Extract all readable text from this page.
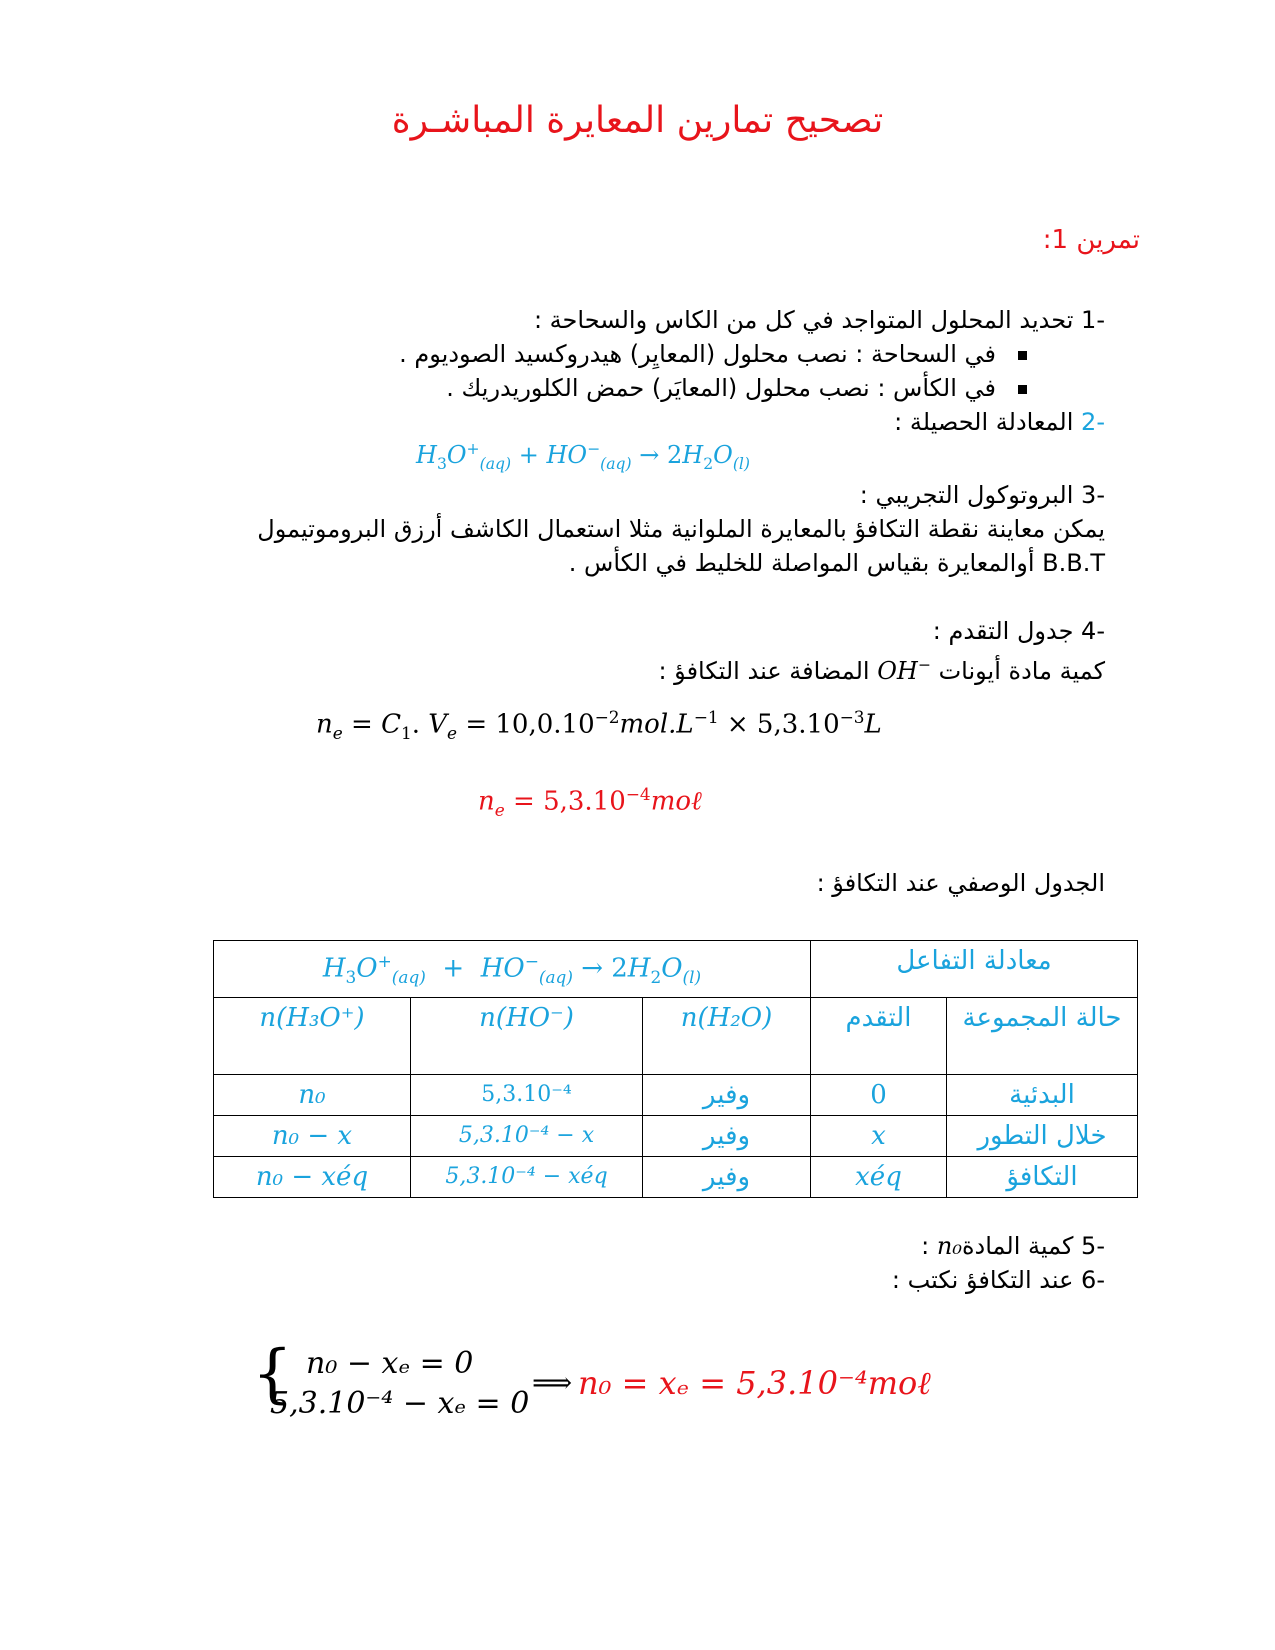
تصحيح تمارين المعايرة المباشـرة
تمرين 1:
-1 تحديد المحلول المتواجد في كل من الكاس والسحاحة :
في السحاحة : نصب محلول (المعايِر) هيدروكسيد الصوديوم .
في الكأس : نصب محلول (المعايَر) حمض الكلوريدريك .
-2 المعادلة الحصيلة :
$H_3O^+_{(aq)} + HO^-_{(aq)} \to 2H_2O_{(l)}$
-3 البروتوكول التجريبي :
يمكن معاينة نقطة التكافؤ بالمعايرة الملوانية مثلا استعمال الكاشف أرزق البروموتيمول
B.B.T أوالمعايرة بقياس المواصلة للخليط في الكأس .
-4 جدول التقدم :
كمية مادة أيونات OH− المضافة عند التكافؤ :
$n_e = C_1$. $V_e = 10,0.10^{-2}mol.L^{-1} \times 5,3.10^{-3}L$
$n_e$ = $5,3.10^{-4}mo\ell$
الجدول الوصفي عند التكافؤ :
$H_3O^+_{(aq)} + HO^-_{(aq)} \to 2H_2O_{(l)}$			معادلة التفاعل	
n(H₃O⁺)	n(HO⁻)	n(H₂O)	التقدم	حالة المجموعة
n₀	5,3.10⁻⁴	وفير	0	البدئية
n₀ − x	5,3.10⁻⁴ − x	وفير	x	خلال التطور
n₀ − xéq	5,3.10⁻⁴ − xéq	وفير	xéq	التكافؤ
-5 كمية المادةn₀ :
-6 عند التكافؤ نكتب :
{ n₀ − xₑ = 0
5,3.10⁻⁴ − xₑ = 0
⟹ n₀ = xₑ = 5,3.10⁻⁴moℓ
